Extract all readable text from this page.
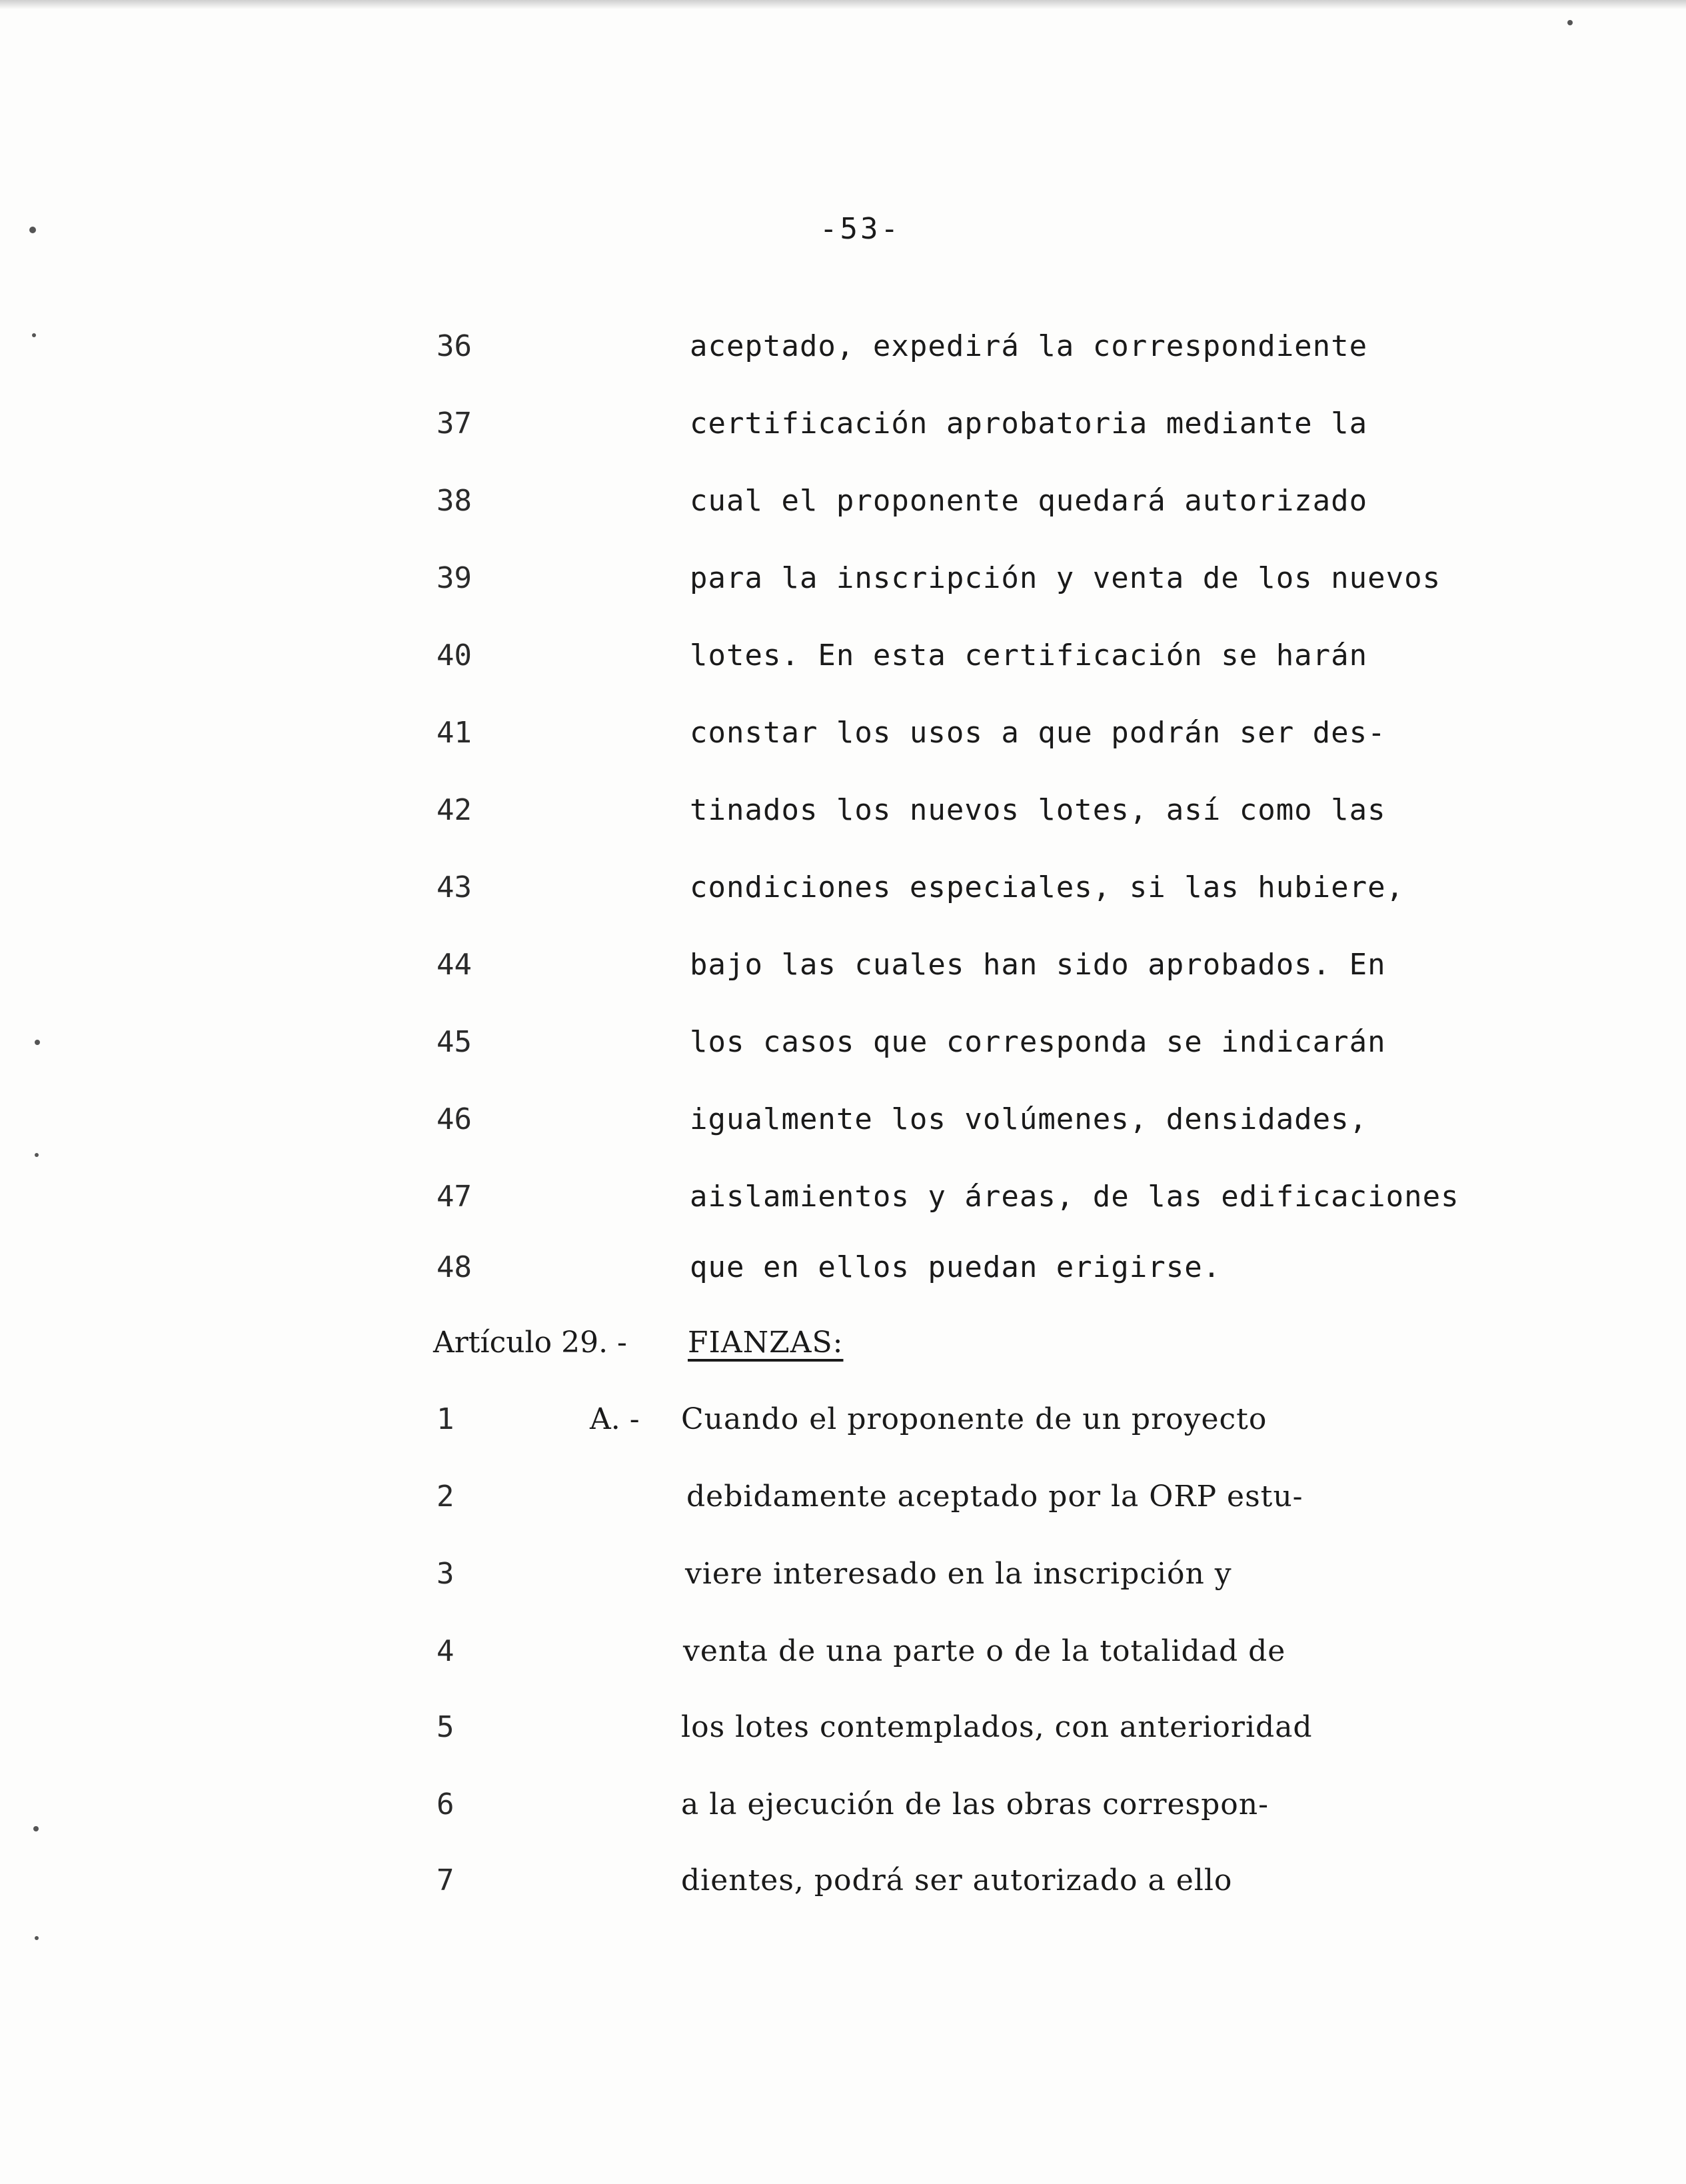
-53-
36	aceptado, expedirá la correspondiente
37	certificación aprobatoria mediante la
38	cual el proponente quedará autorizado
39	para la inscripción y venta de los nuevos
40	lotes. En esta certificación se harán
41	constar los usos a que podrán ser des-
42	tinados los nuevos lotes, así como las
43	condiciones especiales, si las hubiere,
44	bajo las cuales han sido aprobados. En
45	los casos que corresponda se indicarán
46	igualmente los volúmenes, densidades,
47	aislamientos y áreas, de las edificaciones
48	que en ellos puedan erigirse.
Artículo 29. - FIANZAS:
1	A. - Cuando el proponente de un proyecto
2	debidamente aceptado por la ORP estu-
3	viere interesado en la inscripción y
4	venta de una parte o de la totalidad de
5	los lotes contemplados, con anterioridad
6	a la ejecución de las obras correspon-
7	dientes, podrá ser autorizado a ello
